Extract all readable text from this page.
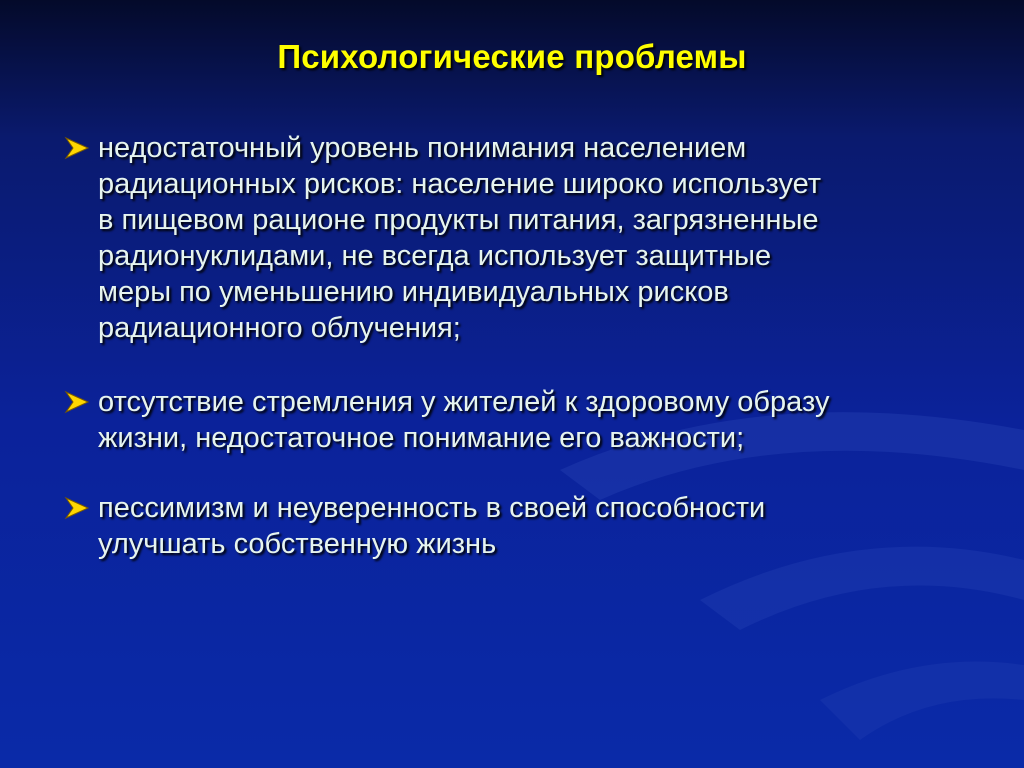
Психологические проблемы
недостаточный уровень понимания населением
радиационных рисков: население широко использует
в пищевом рационе продукты питания, загрязненные
радионуклидами, не всегда использует защитные
меры по уменьшению индивидуальных рисков
радиационного облучения;
отсутствие стремления у жителей к здоровому образу
жизни, недостаточное понимание его важности;
пессимизм и неуверенность в своей способности
улучшать собственную жизнь
